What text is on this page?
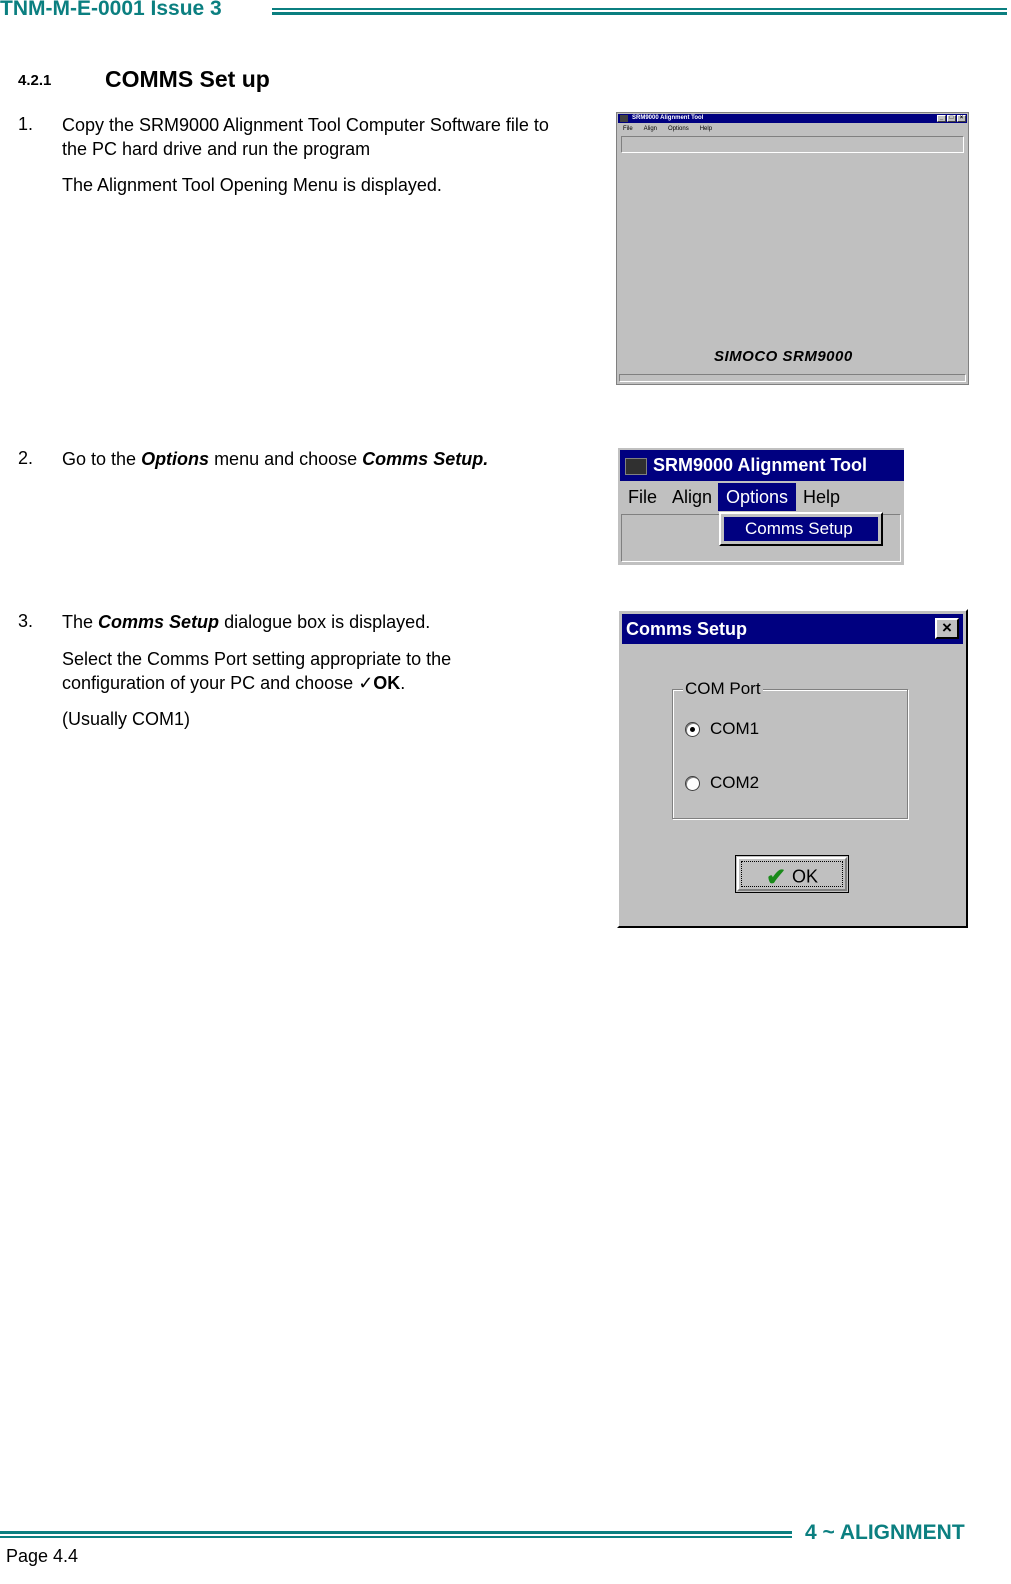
TNM-M-E-0001 Issue 3
4.2.1 COMMS Set up
1. Copy the SRM9000 Alignment Tool Computer Software file to the PC hard drive and run the program
The Alignment Tool Opening Menu is displayed.
2. Go to the Options menu and choose Comms Setup.
3. The Comms Setup dialogue box is displayed.
Select the Comms Port setting appropriate to the configuration of your PC and choose ✓OK.
(Usually COM1)
SRM9000 Alignment Tool	_	□	×
File Align Options Help
SIMOCO SRM9000
SRM9000 Alignment Tool
File Align Options Help
Comms Setup
Comms Setup	×
COM Port
COM1
COM2
✔ OK
4 ~ ALIGNMENT
Page 4.4
